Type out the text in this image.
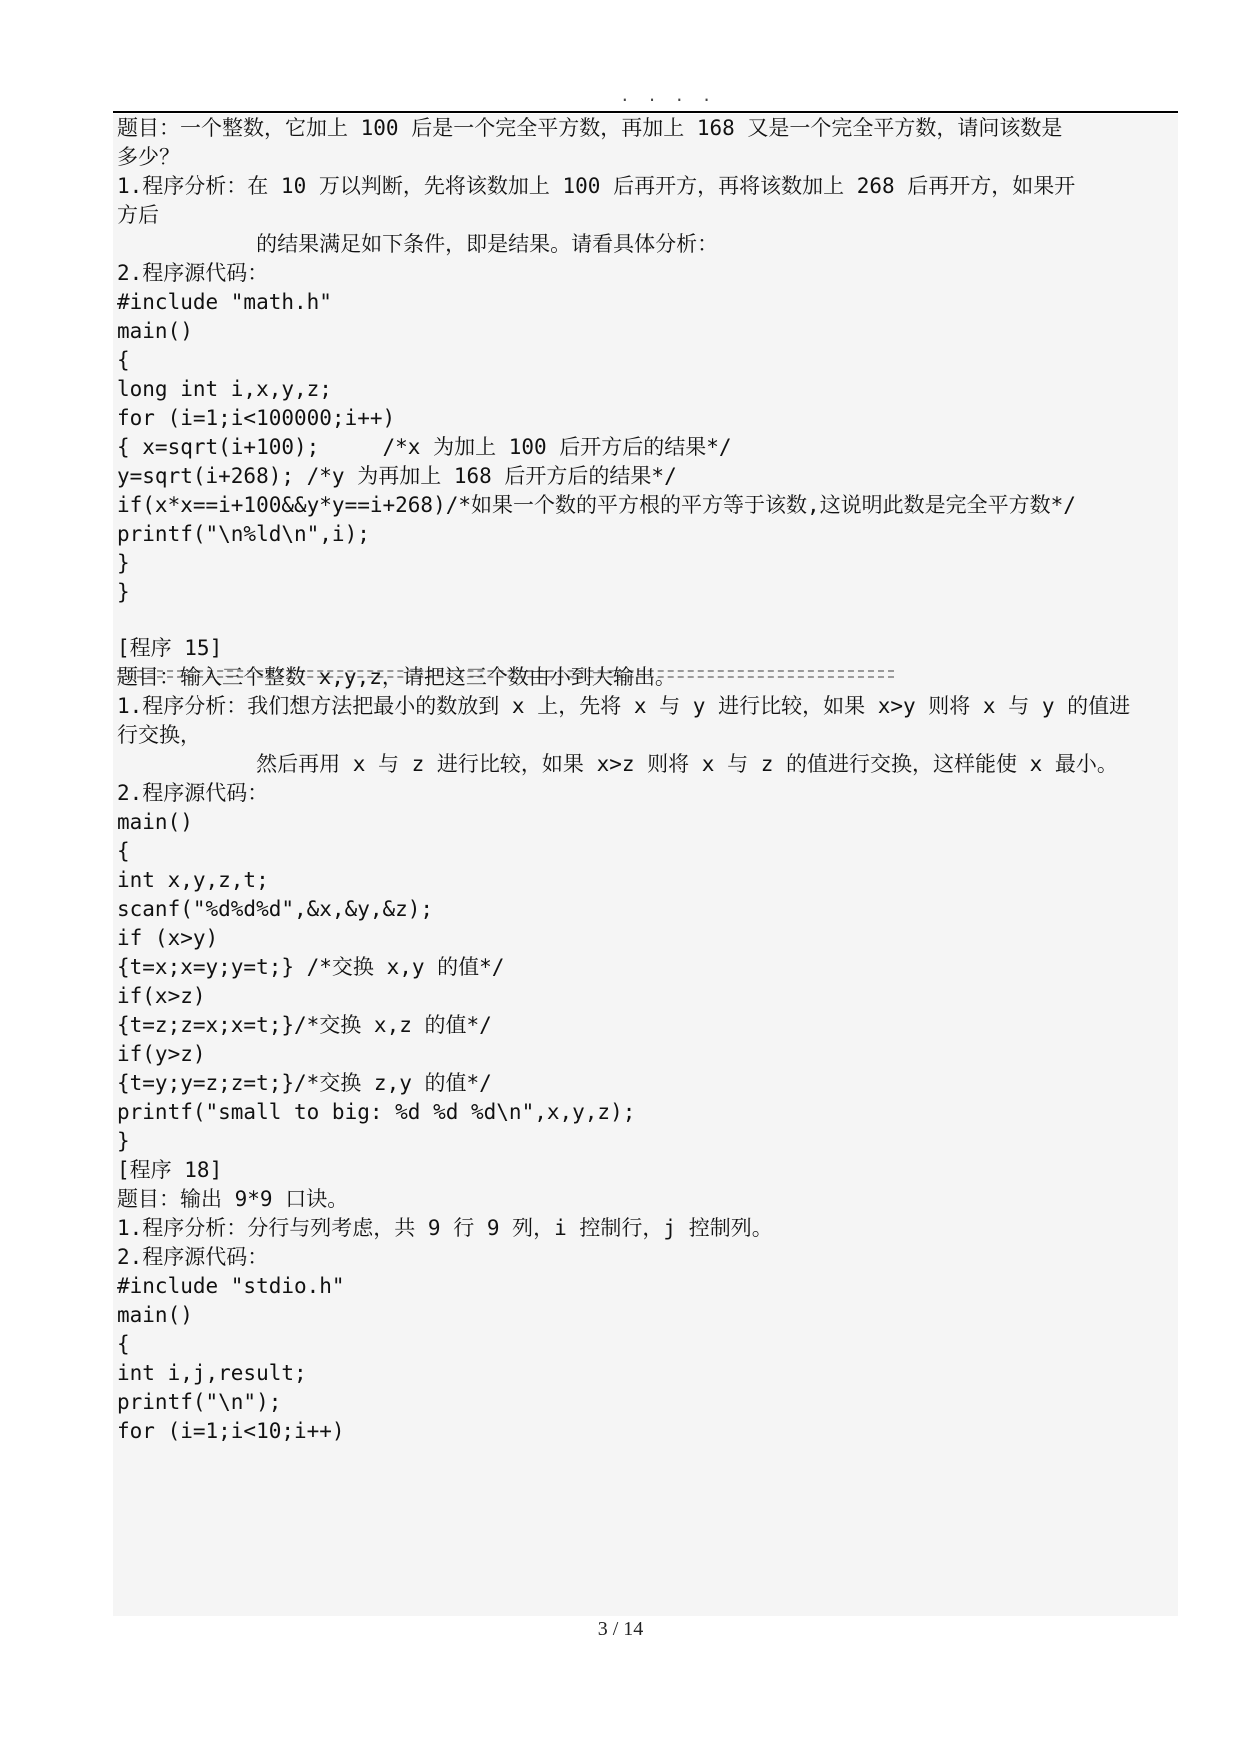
. . . .
题目：一个整数，它加上 100 后是一个完全平方数，再加上 168 又是一个完全平方数，请问该数是
多少？
1.程序分析：在 10 万以判断，先将该数加上 100 后再开方，再将该数加上 268 后再开方，如果开
方后
的结果满足如下条件，即是结果。请看具体分析：
2.程序源代码：
#include "math.h"
main()
{
long int i,x,y,z;
for (i=1;i<100000;i++)
{ x=sqrt(i+100);     /*x 为加上 100 后开方后的结果*/
y=sqrt(i+268); /*y 为再加上 168 后开方后的结果*/
if(x*x==i+100&&y*y==i+268)/*如果一个数的平方根的平方等于该数,这说明此数是完全平方数*/
printf("\n%ld\n",i);
}
}
[程序 15]
题目：输入三个整数 x,y,z，请把这三个数由小到大输出。
1.程序分析：我们想方法把最小的数放到 x 上，先将 x 与 y 进行比较，如果 x>y 则将 x 与 y 的值进
行交换，
然后再用 x 与 z 进行比较，如果 x>z 则将 x 与 z 的值进行交换，这样能使 x 最小。
2.程序源代码：
main()
{
int x,y,z,t;
scanf("%d%d%d",&x,&y,&z);
if (x>y)
{t=x;x=y;y=t;} /*交换 x,y 的值*/
if(x>z)
{t=z;z=x;x=t;}/*交换 x,z 的值*/
if(y>z)
{t=y;y=z;z=t;}/*交换 z,y 的值*/
printf("small to big: %d %d %d\n",x,y,z);
}
[程序 18]
题目：输出 9*9 口诀。
1.程序分析：分行与列考虑，共 9 行 9 列，i 控制行，j 控制列。
2.程序源代码：
#include "stdio.h"
main()
{
int i,j,result;
printf("\n");
for (i=1;i<10;i++)
3 / 14
